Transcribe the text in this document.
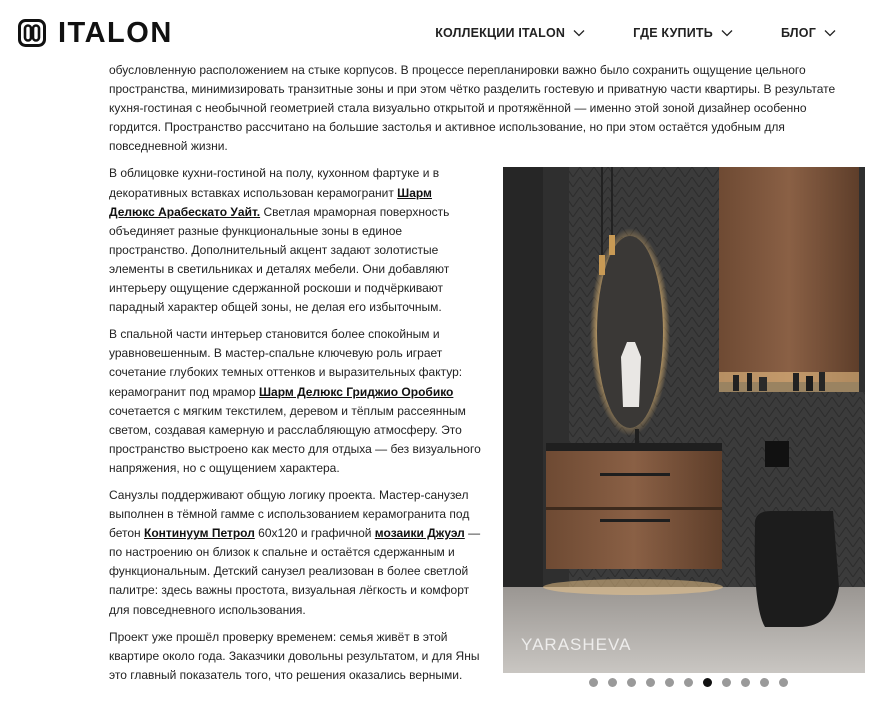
ITALON	КОЛЛЕКЦИИ ITALON	ГДЕ КУПИТЬ	БЛОГ

обусловленную расположением на стыке корпусов. В процессе перепланировки важно было сохранить ощущение цельного пространства, минимизировать транзитные зоны и при этом чётко разделить гостевую и приватную части квартиры. В результате кухня-гостиная с необычной геометрией стала визуально открытой и протяжённой — именно этой зоной дизайнер особенно гордится. Пространство рассчитано на большие застолья и активное использование, но при этом остаётся удобным для повседневной жизни.

В облицовке кухни-гостиной на полу, кухонном фартуке и в декоративных вставках использован керамогранит Шарм Делюкс Арабескато Уайт. Светлая мраморная поверхность объединяет разные функциональные зоны в единое пространство. Дополнительный акцент задают золотистые элементы в светильниках и деталях мебели. Они добавляют интерьеру ощущение сдержанной роскоши и подчёркивают парадный характер общей зоны, не делая его избыточным.

В спальной части интерьер становится более спокойным и уравновешенным. В мастер-спальне ключевую роль играет сочетание глубоких темных оттенков и выразительных фактур: керамогранит под мрамор Шарм Делюкс Гриджио Оробико сочетается с мягким текстилем, деревом и тёплым рассеянным светом, создавая камерную и расслабляющую атмосферу. Это пространство выстроено как место для отдыха — без визуального напряжения, но с ощущением характера.

Санузлы поддерживают общую логику проекта. Мастер-санузел выполнен в тёмной гамме с использованием керамогранита под бетон Континуум Петрол 60x120 и графичной мозаики Джуэл — по настроению он близок к спальне и остаётся сдержанным и функциональным. Детский санузел реализован в более светлой палитре: здесь важны простота, визуальная лёгкость и комфорт для повседневного использования.

Проект уже прошёл проверку временем: семья живёт в этой квартире около года. Заказчики довольны результатом, и для Яны это главный показатель того, что решения оказались верными.

YARASHEVA
